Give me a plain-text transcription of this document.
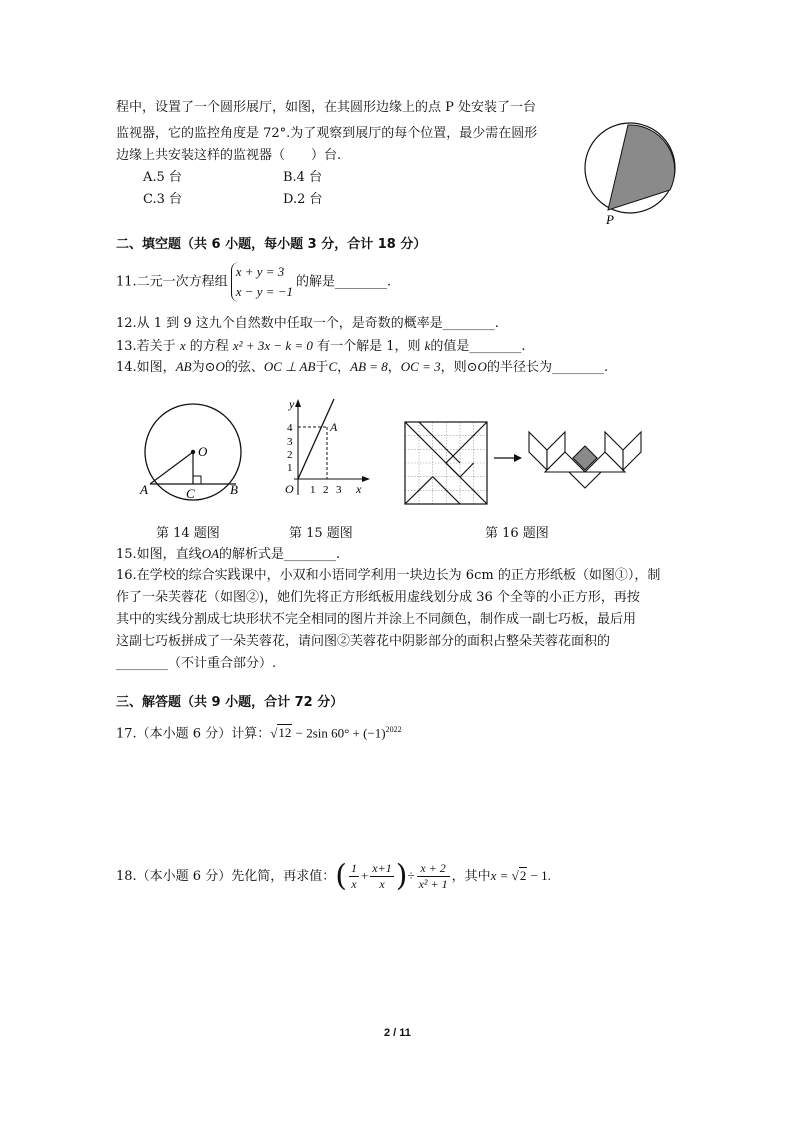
程中，设置了一个圆形展厅，如图，在其圆形边缘上的点 P 处安装了一台
监视器，它的监控角度是 72°.为了观察到展厅的每个位置，最少需在圆形
边缘上共安装这样的监视器（　　）台.
A.5 台	B.4 台
C.3 台	D.2 台
P
二、填空题（共 6 小题，每小题 3 分，合计 18 分）
11.二元一次方程组
x + y = 3
x − y = −1
的解是________.
12.从 1 到 9 这九个自然数中任取一个，是奇数的概率是________.
13.若关于 x 的方程 x² + 3x − k = 0 有一个解是 1，则 k的值是________.
14.如图，AB为⊙O的弦、OC ⊥ AB于C，AB = 8，OC = 3，则⊙O的半径长为________.
O
A	B
C
y
x
O
A
4
3
2
1
1 2 3
第 14 题图	第 15 题图	第 16 题图
15.如图，直线OA的解析式是________.
16.在学校的综合实践课中，小双和小语同学利用一块边长为 6cm 的正方形纸板（如图①），制
作了一朵芙蓉花（如图②)，她们先将正方形纸板用虚线划分成 36 个全等的小正方形，再按
其中的实线分割成七块形状不完全相同的图片并涂上不同颜色，制作成一副七巧板，最后用
这副七巧板拼成了一朵芙蓉花，请问图②芙蓉花中阴影部分的面积占整朵芙蓉花面积的
________（不计重合部分）.
三、解答题（共 9 小题，合计 72 分）
17.（本小题 6 分）计算：√12 − 2sin $60^\circ + (-1)^{2022}$
18.（本小题 6 分）先化简，再求值：( $\frac{1}{x} + \frac{x+1}{x}$ )÷ $\frac{x + 2}{\text{x² + 1}}$ ，其中x = √2 − 1.
2 / 11
